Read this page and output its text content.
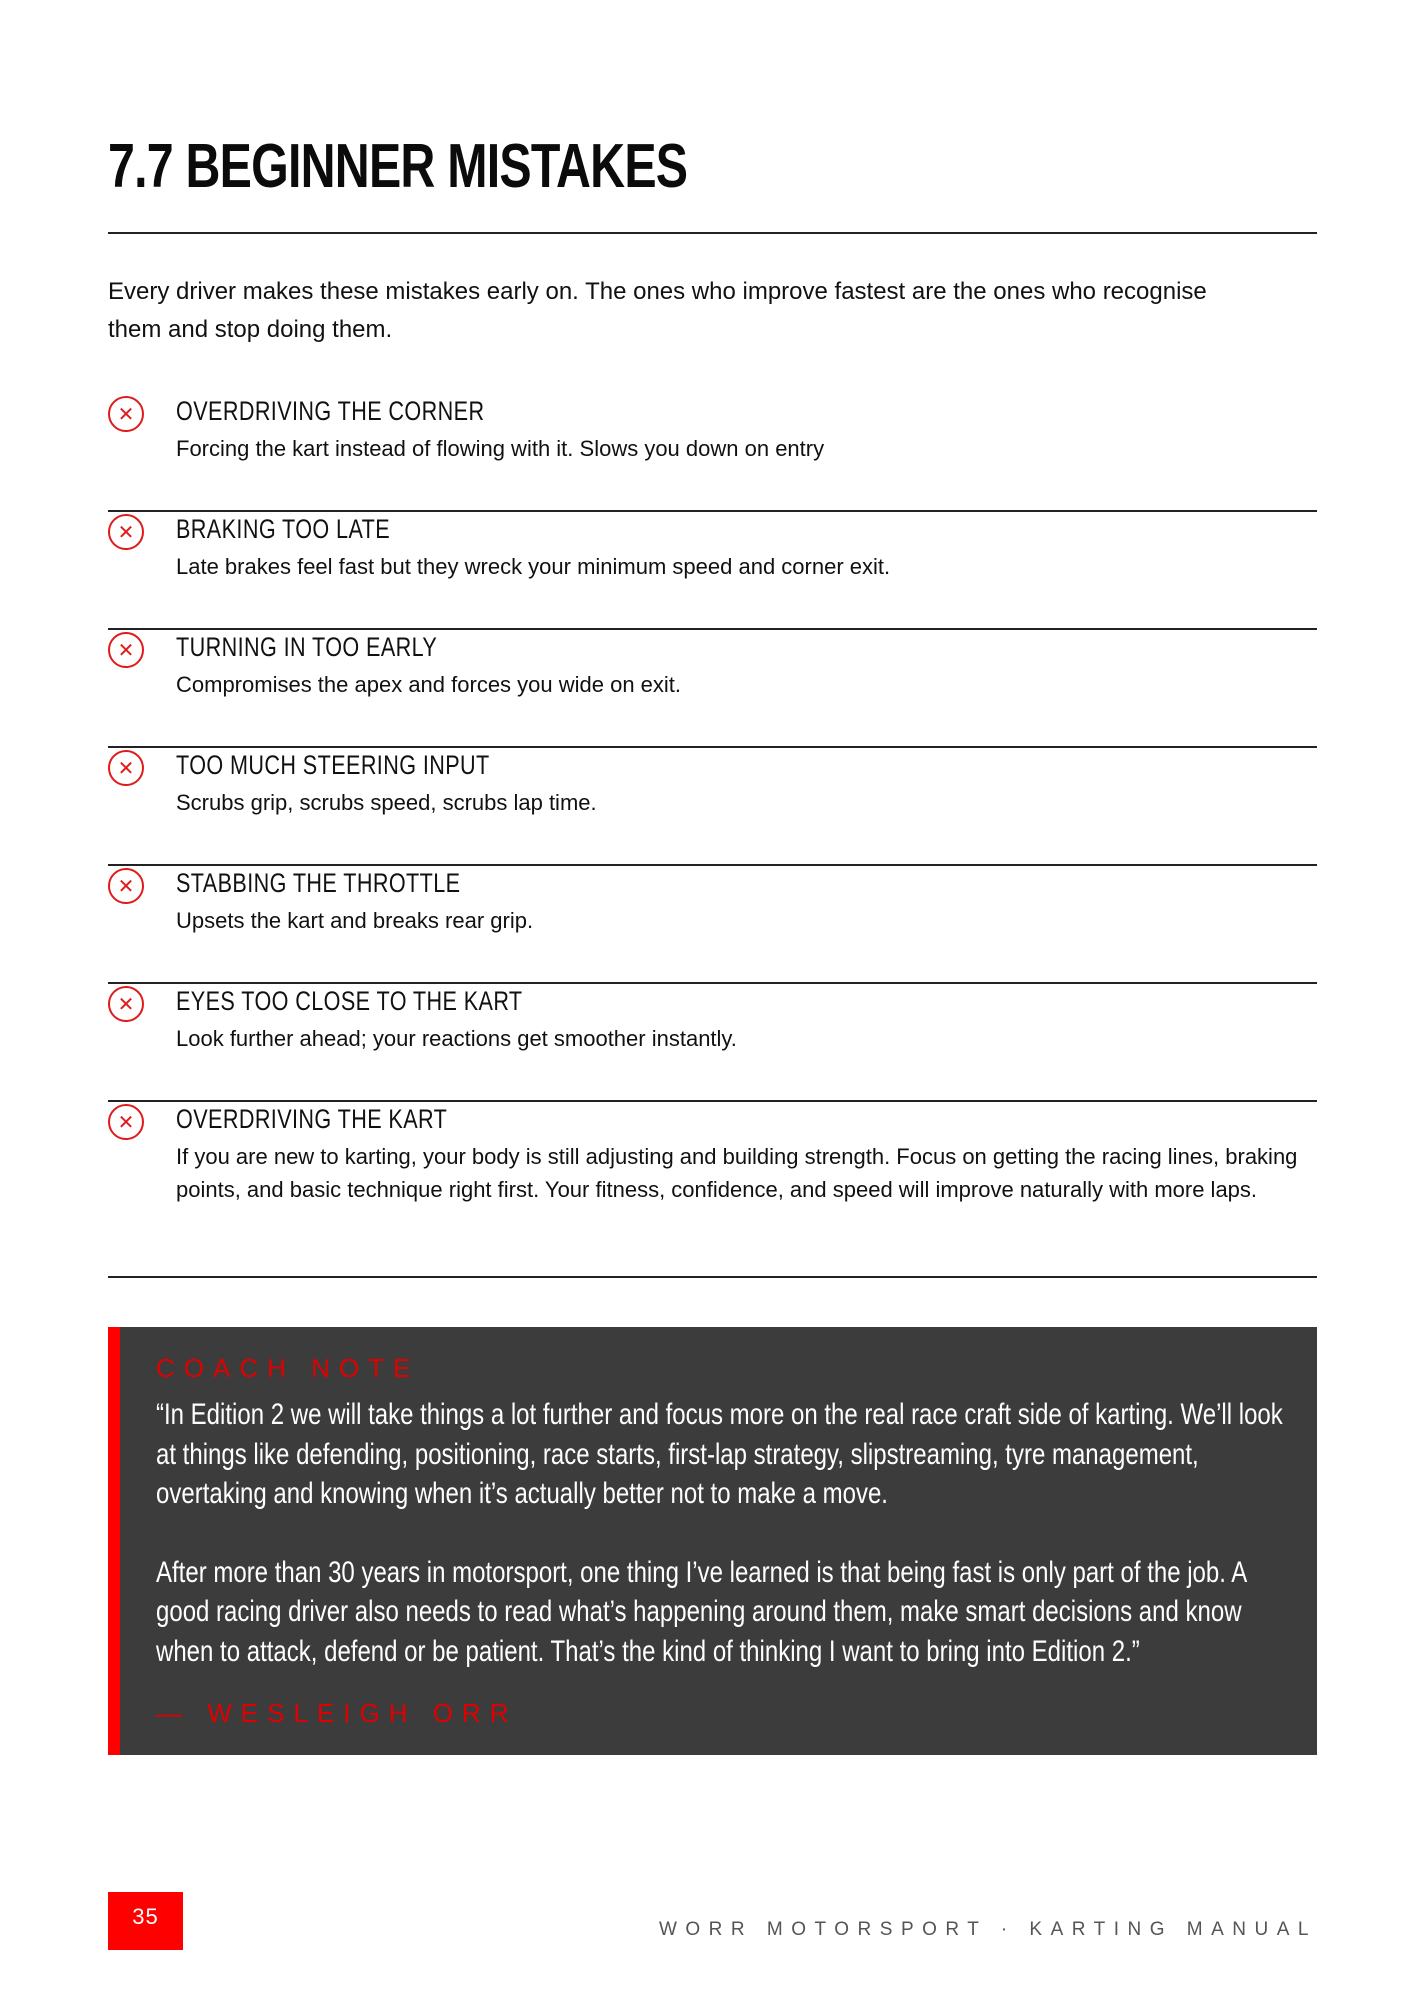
7.7 BEGINNER MISTAKES

Every driver makes these mistakes early on. The ones who improve fastest are the ones who recognise them and stop doing them.

✕	OVERDRIVING THE CORNER
Forcing the kart instead of flowing with it. Slows you down on entry
✕	BRAKING TOO LATE
Late brakes feel fast but they wreck your minimum speed and corner exit.
✕	TURNING IN TOO EARLY
Compromises the apex and forces you wide on exit.
✕	TOO MUCH STEERING INPUT
Scrubs grip, scrubs speed, scrubs lap time.
✕	STABBING THE THROTTLE
Upsets the kart and breaks rear grip.
✕	EYES TOO CLOSE TO THE KART
Look further ahead; your reactions get smoother instantly.
✕	OVERDRIVING THE KART
If you are new to karting, your body is still adjusting and building strength. Focus on getting the racing lines, braking points, and basic technique right first. Your fitness, confidence, and speed will improve naturally with more laps.
COACH NOTE

“In Edition 2 we will take things a lot further and focus more on the real race craft side of karting. We’ll look at things like defending, positioning, race starts, first-lap strategy, slipstreaming, tyre management, overtaking and knowing when it’s actually better not to make a move.

After more than 30 years in motorsport, one thing I’ve learned is that being fast is only part of the job. A good racing driver also needs to read what’s happening around them, make smart decisions and know when to attack, defend or be patient. That’s the kind of thinking I want to bring into Edition 2.”

— WESLEIGH ORR
35
WORR MOTORSPORT · KARTING MANUAL
